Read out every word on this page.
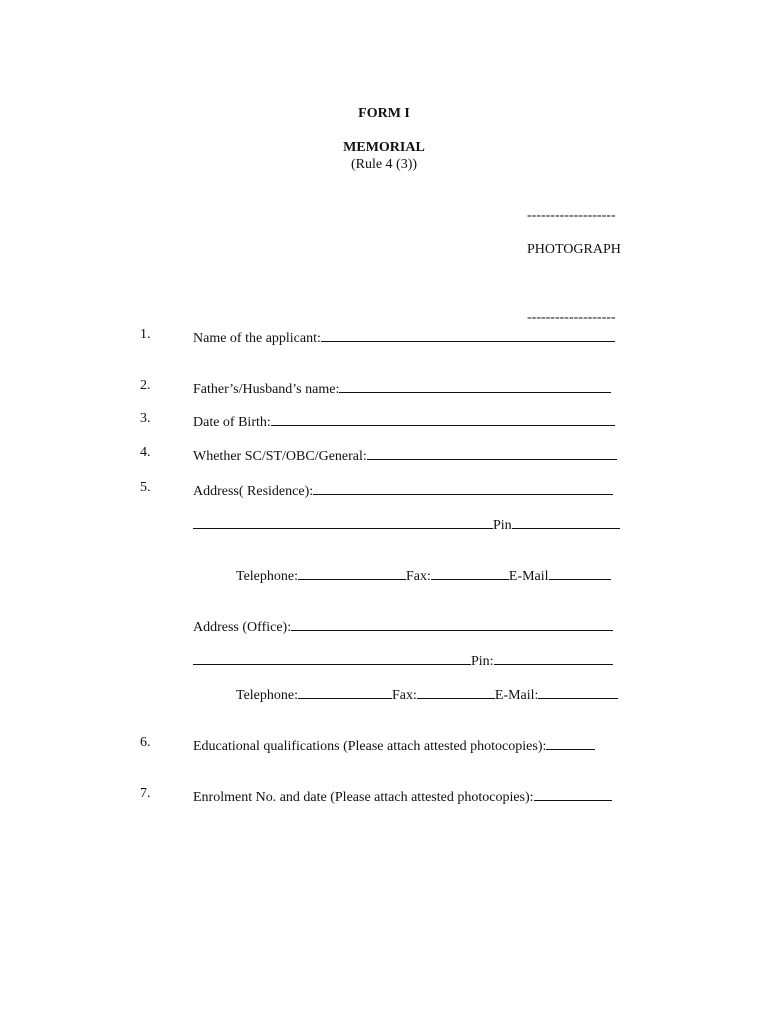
FORM I
MEMORIAL
(Rule 4 (3))
-------------------
PHOTOGRAPH
-------------------
1.	Name of the applicant:
2.	Father’s/Husband’s name:
3.	Date of Birth:
4.	Whether SC/ST/OBC/General:
5.	Address( Residence):
Pin
Telephone:	Fax:	E-Mail
Address (Office):
Pin:
Telephone:	Fax:	E-Mail:
6.	Educational qualifications (Please attach attested photocopies):
7.	Enrolment No. and date (Please attach attested photocopies):
